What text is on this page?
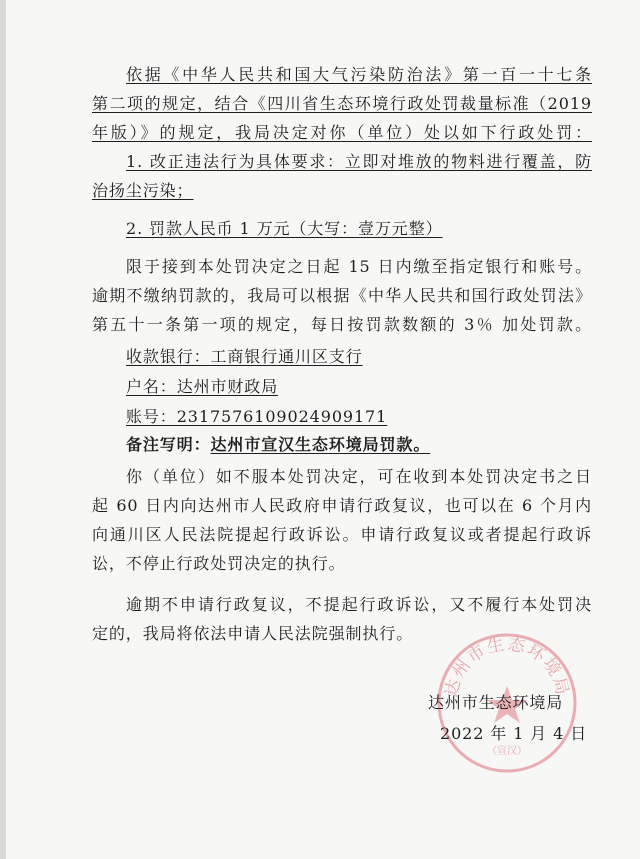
依据《中华人民共和国大气污染防治法》第一百一十七条
第二项的规定，结合《四川省生态环境行政处罚裁量标准（2019
年版）》的规定，我局决定对你（单位）处以如下行政处罚：
1. 改正违法行为具体要求：立即对堆放的物料进行覆盖，防
治扬尘污染；
2. 罚款人民币 1 万元（大写：壹万元整）
限于接到本处罚决定之日起 15 日内缴至指定银行和账号。
逾期不缴纳罚款的，我局可以根据《中华人民共和国行政处罚法》
第五十一条第一项的规定，每日按罚款数额的 3％ 加处罚款。
收款银行：工商银行通川区支行
户名：达州市财政局
账号：2317576109024909171
备注写明：达州市宣汉生态环境局罚款。
你（单位）如不服本处罚决定，可在收到本处罚决定书之日
起 60 日内向达州市人民政府申请行政复议，也可以在 6 个月内
向通川区人民法院提起行政诉讼。申请行政复议或者提起行政诉
讼，不停止行政处罚决定的执行。
逾期不申请行政复议，不提起行政诉讼，又不履行本处罚决
定的，我局将依法申请人民法院强制执行。
达州市生态环境局
（宣汉）
达州市生态环境局
2022 年 1 月 4 日
